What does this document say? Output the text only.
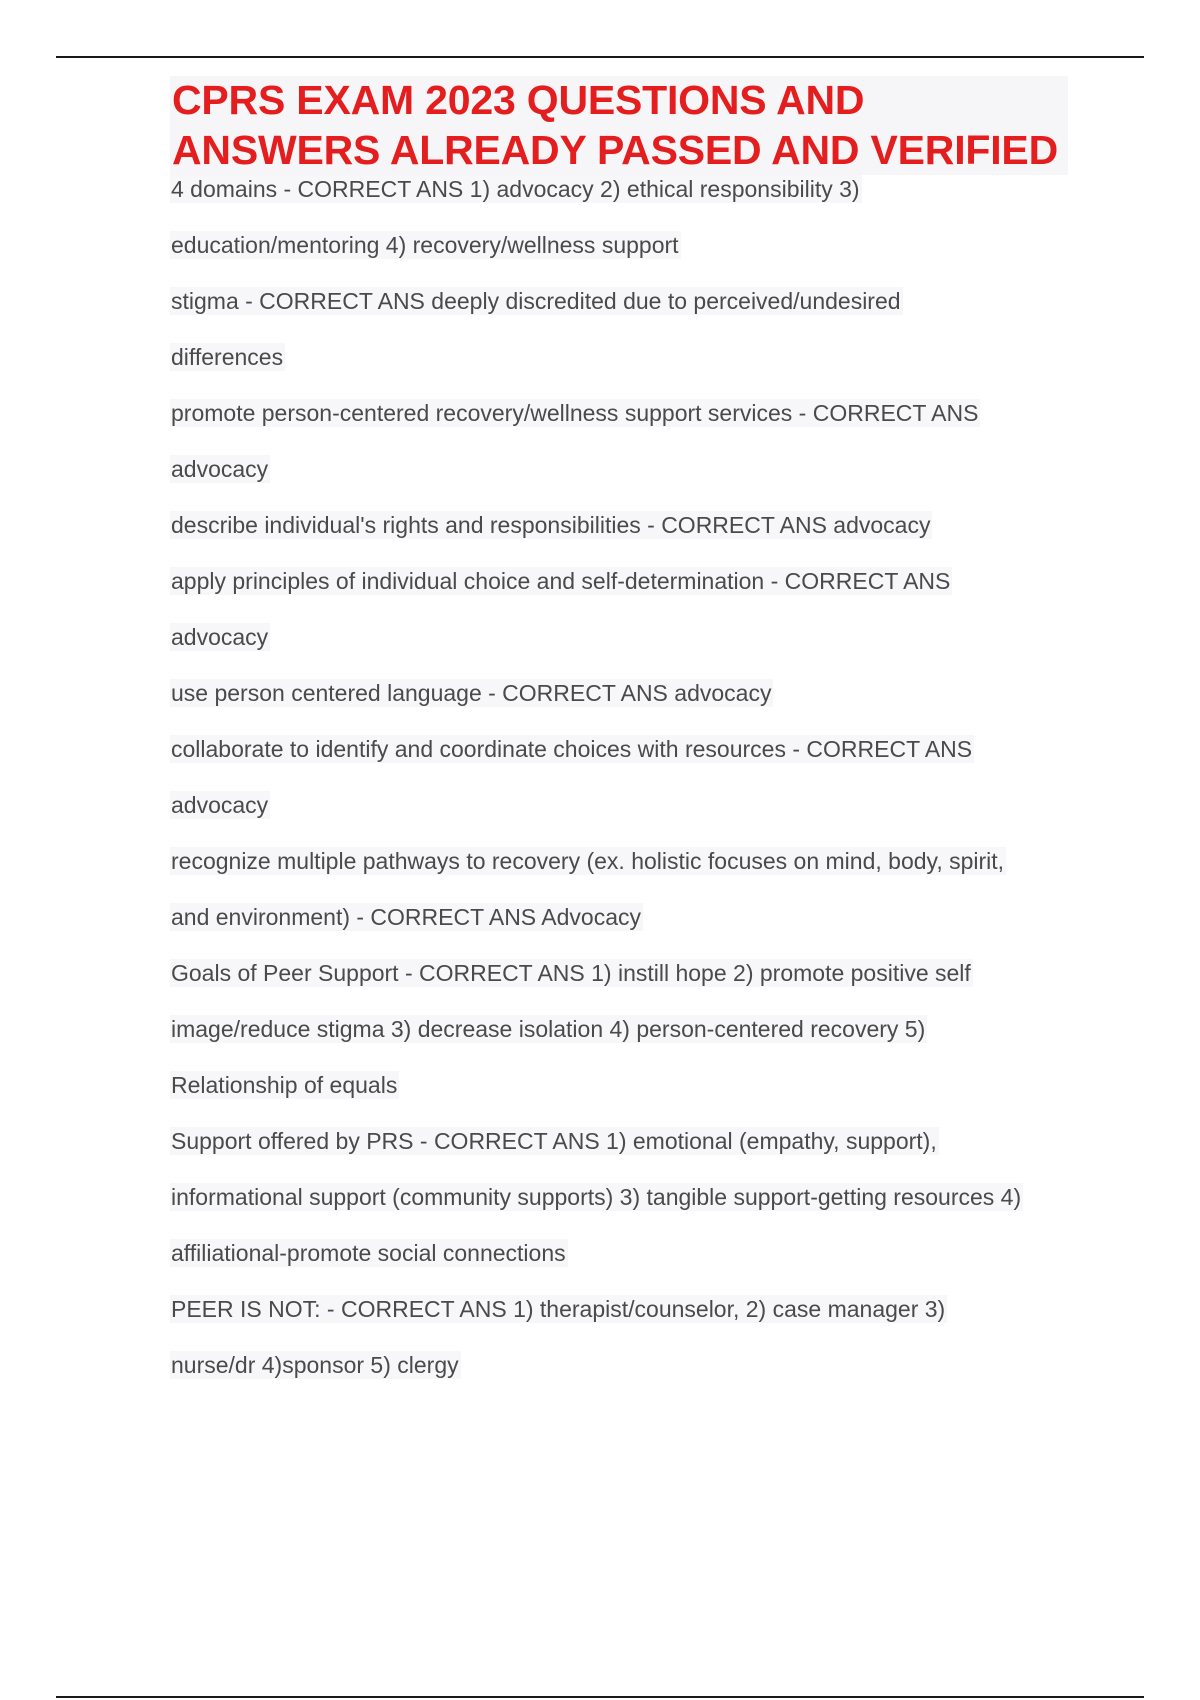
CPRS EXAM 2023 QUESTIONS AND ANSWERS ALREADY PASSED AND VERIFIED
4 domains - CORRECT ANS 1) advocacy 2) ethical responsibility 3)
education/mentoring 4) recovery/wellness support
stigma - CORRECT ANS deeply discredited due to perceived/undesired
differences
promote person-centered recovery/wellness support services - CORRECT ANS
advocacy
describe individual's rights and responsibilities - CORRECT ANS advocacy
apply principles of individual choice and self-determination - CORRECT ANS
advocacy
use person centered language - CORRECT ANS advocacy
collaborate to identify and coordinate choices with resources - CORRECT ANS
advocacy
recognize multiple pathways to recovery (ex. holistic focuses on mind, body, spirit,
and environment) - CORRECT ANS Advocacy
Goals of Peer Support - CORRECT ANS 1) instill hope 2) promote positive self
image/reduce stigma 3) decrease isolation 4) person-centered recovery 5)
Relationship of equals
Support offered by PRS - CORRECT ANS 1) emotional (empathy, support),
informational support (community supports) 3) tangible support-getting resources 4)
affiliational-promote social connections
PEER IS NOT: - CORRECT ANS 1) therapist/counselor, 2) case manager 3)
nurse/dr 4)sponsor 5) clergy
